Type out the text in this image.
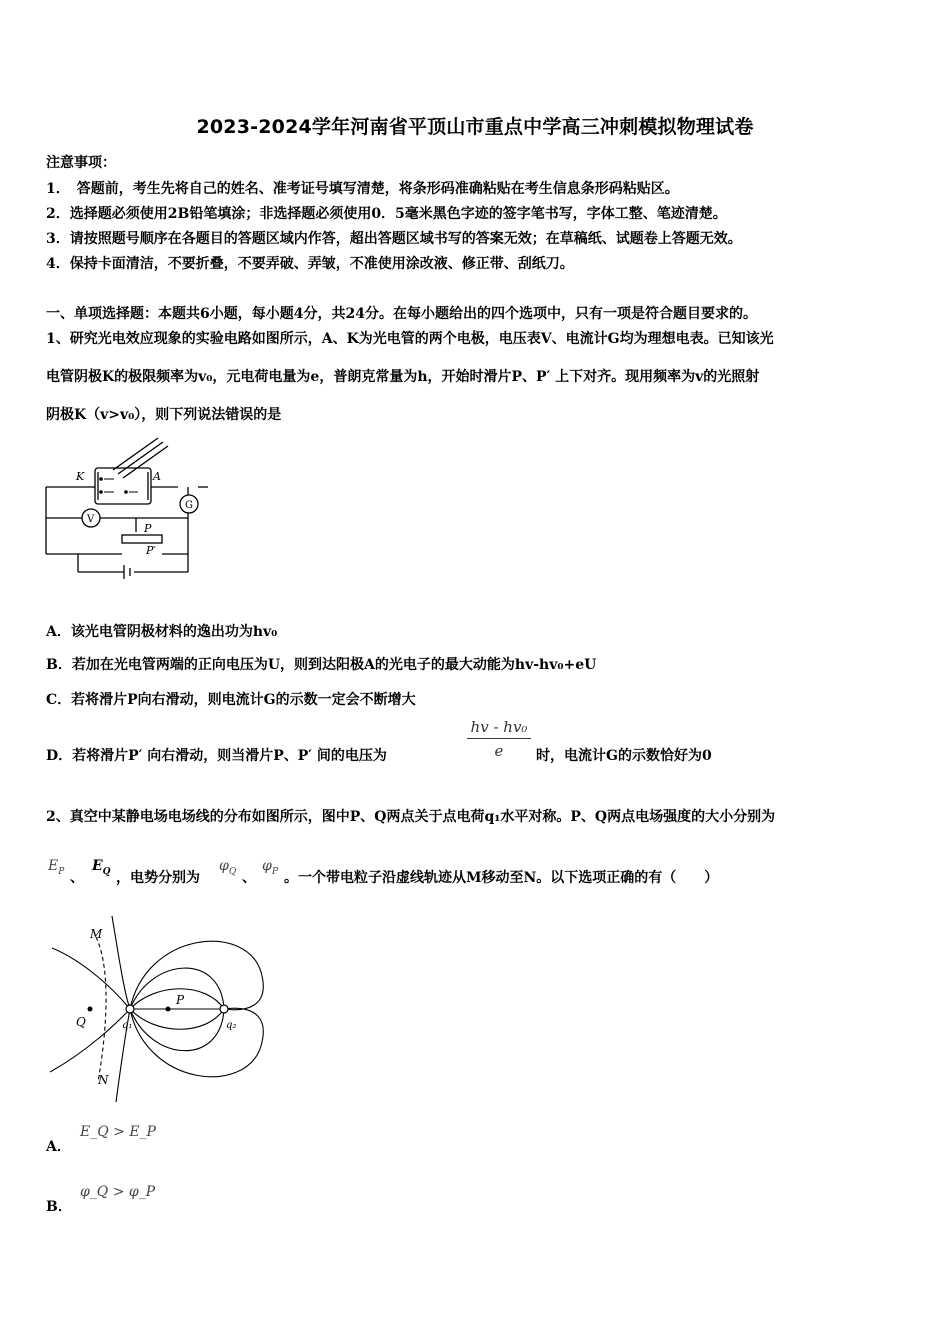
2023-2024学年河南省平顶山市重点中学高三冲刺模拟物理试卷
注意事项：
1．　答题前，考生先将自己的姓名、准考证号填写清楚，将条形码准确粘贴在考生信息条形码粘贴区。
2．选择题必须使用2B铅笔填涂；非选择题必须使用0．5毫米黑色字迹的签字笔书写，字体工整、笔迹清楚。
3．请按照题号顺序在各题目的答题区域内作答，超出答题区域书写的答案无效；在草稿纸、试题卷上答题无效。
4．保持卡面清洁，不要折叠，不要弄破、弄皱，不准使用涂改液、修正带、刮纸刀。
一、单项选择题：本题共6小题，每小题4分，共24分。在每小题给出的四个选项中，只有一项是符合题目要求的。
1、研究光电效应现象的实验电路如图所示，A、K为光电管的两个电极，电压表V、电流计G均为理想电表。已知该光
电管阴极K的极限频率为v₀，元电荷电量为e，普朗克常量为h，开始时滑片P、P′ 上下对齐。现用频率为v的光照射
阴极K（v>v₀），则下列说法错误的是
K	A
G
V
P
P′
A．该光电管阴极材料的逸出功为hv₀
B．若加在光电管两端的正向电压为U，则到达阳极A的光电子的最大动能为hv-hv₀+eU
C．若将滑片P向右滑动，则电流计G的示数一定会不断增大
D．若将滑片P′ 向右滑动，则当滑片P、P′ 间的电压为	$\frac{\text{hv - hv₀}}{e}$ 时，电流计G的示数恰好为0
2、真空中某静电场电场线的分布如图所示，图中P、Q两点关于点电荷q₁水平对称。P、Q两点电场强度的大小分别为
$E_P$ 、
$E_Q$ ，电势分别为
$\varphi_Q$ 、
$\varphi_P$ 。一个带电粒子沿虚线轨迹从M移动至N。以下选项正确的有（　　）
M
N
P
Q	q₁	q₂
A．
E_Q > E_P
B．
φ_Q > φ_P
